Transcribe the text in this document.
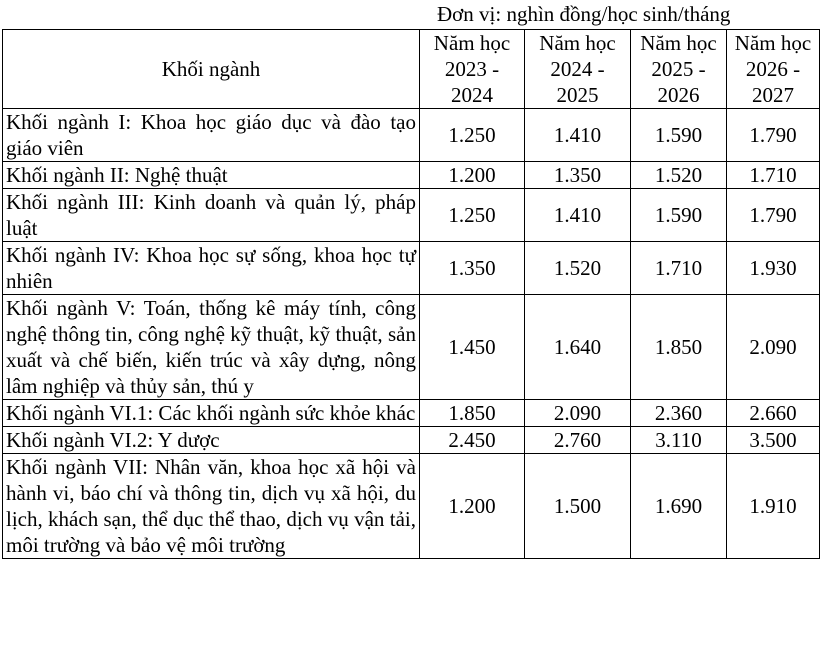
Đơn vị: nghìn đồng/học sinh/tháng
Khối ngành	Năm học 2023 - 2024	Năm học 2024 - 2025	Năm học 2025 - 2026	Năm học 2026 - 2027
Khối ngành I: Khoa học giáo dục và đào tạo giáo viên	1.250	1.410	1.590	1.790
Khối ngành II: Nghệ thuật	1.200	1.350	1.520	1.710
Khối ngành III: Kinh doanh và quản lý, pháp luật	1.250	1.410	1.590	1.790
Khối ngành IV: Khoa học sự sống, khoa học tự nhiên	1.350	1.520	1.710	1.930
Khối ngành V: Toán, thống kê máy tính, công nghệ thông tin, công nghệ kỹ thuật, kỹ thuật, sản xuất và chế biến, kiến trúc và xây dựng, nông lâm nghiệp và thủy sản, thú y	1.450	1.640	1.850	2.090
Khối ngành VI.1: Các khối ngành sức khỏe khác	1.850	2.090	2.360	2.660
Khối ngành VI.2: Y dược	2.450	2.760	3.110	3.500
Khối ngành VII: Nhân văn, khoa học xã hội và hành vi, báo chí và thông tin, dịch vụ xã hội, du lịch, khách sạn, thể dục thể thao, dịch vụ vận tải, môi trường và bảo vệ môi trường	1.200	1.500	1.690	1.910
